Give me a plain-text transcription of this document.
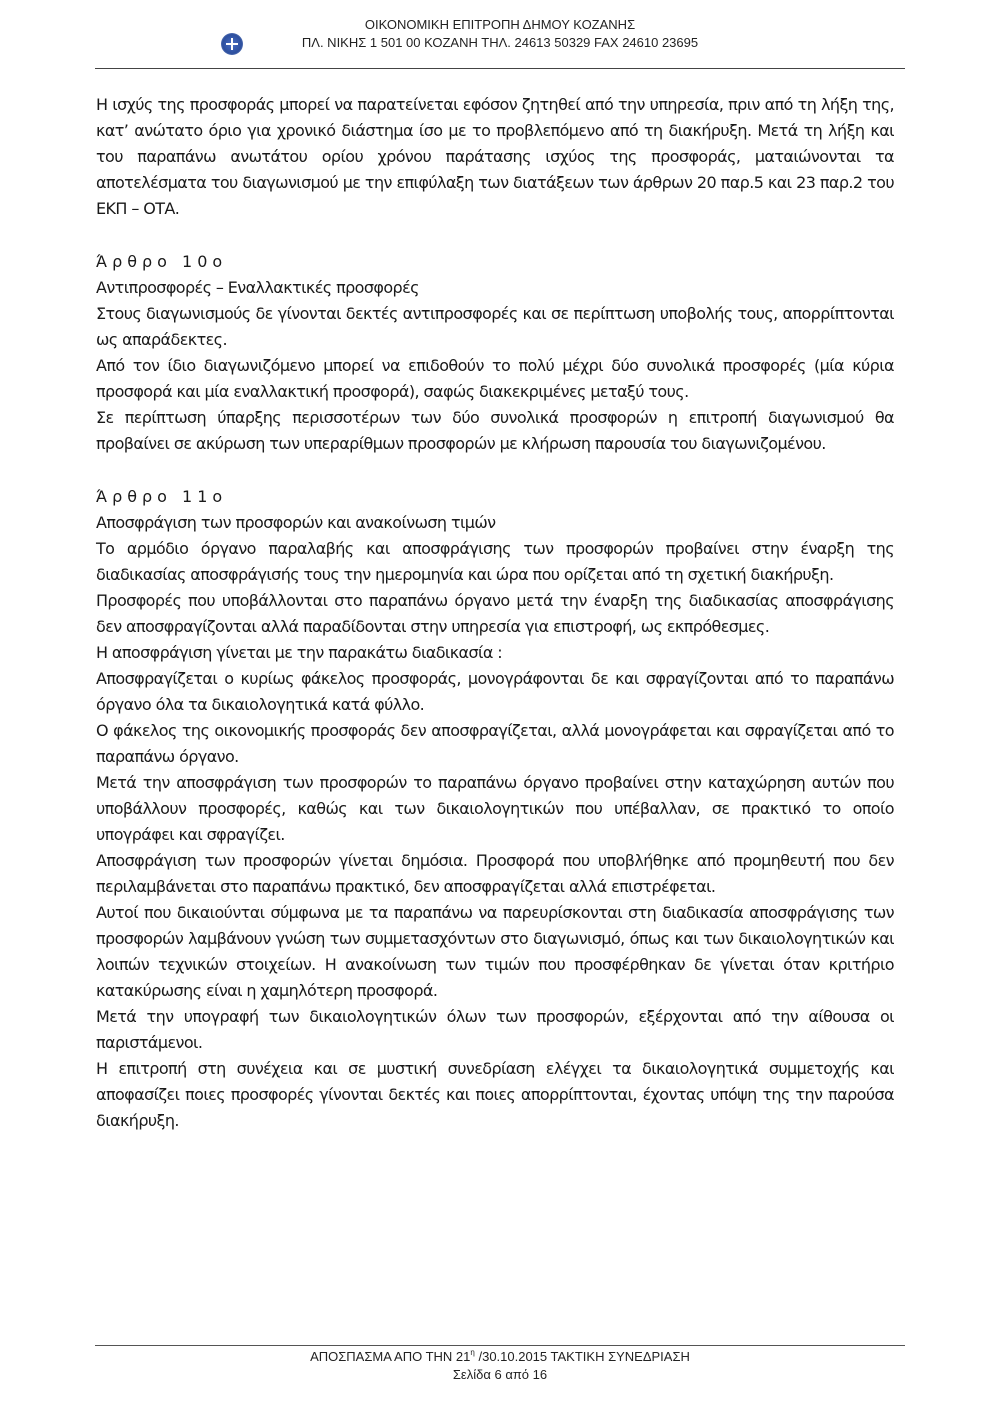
ΟΙΚΟΝΟΜΙΚΗ ΕΠΙΤΡΟΠΗ ΔΗΜΟΥ ΚΟΖΑΝΗΣ
ΠΛ. ΝΙΚΗΣ 1 501 00 ΚΟΖΑΝΗ ΤΗΛ. 24613 50329 FAX 24610 23695

Η ισχύς της προσφοράς μπορεί να παρατείνεται εφόσον ζητηθεί από την υπηρεσία, πριν από τη λήξη της, κατ’ ανώτατο όριο για χρονικό διάστημα ίσο με το προβλεπόμενο από τη διακήρυξη. Μετά τη λήξη και του παραπάνω ανωτάτου ορίου χρόνου παράτασης ισχύος της προσφοράς, ματαιώνονται τα αποτελέσματα του διαγωνισμού με την επιφύλαξη των διατάξεων των άρθρων 20 παρ.5 και 23 παρ.2 του ΕΚΠ – ΟΤΑ.

Άρθρο 10ο

Αντιπροσφορές – Εναλλακτικές προσφορές

Στους διαγωνισμούς δε γίνονται δεκτές αντιπροσφορές και σε περίπτωση υποβολής τους, απορρίπτονται ως απαράδεκτες.

Από τον ίδιο διαγωνιζόμενο μπορεί να επιδοθούν το πολύ μέχρι δύο συνολικά προσφορές (μία κύρια προσφορά και μία εναλλακτική προσφορά), σαφώς διακεκριμένες μεταξύ τους.

Σε περίπτωση ύπαρξης περισσοτέρων των δύο συνολικά προσφορών η επιτροπή διαγωνισμού θα προβαίνει σε ακύρωση των υπεραρίθμων προσφορών με κλήρωση παρουσία του διαγωνιζομένου.

Άρθρο 11ο

Αποσφράγιση των προσφορών και ανακοίνωση τιμών

Το αρμόδιο όργανο παραλαβής και αποσφράγισης των προσφορών προβαίνει στην έναρξη της διαδικασίας αποσφράγισής τους την ημερομηνία και ώρα που ορίζεται από τη σχετική διακήρυξη.

Προσφορές που υποβάλλονται στο παραπάνω όργανο μετά την έναρξη της διαδικασίας αποσφράγισης δεν αποσφραγίζονται αλλά παραδίδονται στην υπηρεσία για επιστροφή, ως εκπρόθεσμες.

Η αποσφράγιση γίνεται με την παρακάτω διαδικασία :

Αποσφραγίζεται ο κυρίως φάκελος προσφοράς, μονογράφονται δε και σφραγίζονται από το παραπάνω όργανο όλα τα δικαιολογητικά κατά φύλλο.

Ο φάκελος της οικονομικής προσφοράς δεν αποσφραγίζεται, αλλά μονογράφεται και σφραγίζεται από το παραπάνω όργανο.

Μετά την αποσφράγιση των προσφορών το παραπάνω όργανο προβαίνει στην καταχώρηση αυτών που υποβάλλουν προσφορές, καθώς και των δικαιολογητικών που υπέβαλλαν, σε πρακτικό το οποίο υπογράφει και σφραγίζει.

Αποσφράγιση των προσφορών γίνεται δημόσια. Προσφορά που υποβλήθηκε από προμηθευτή που δεν περιλαμβάνεται στο παραπάνω πρακτικό, δεν αποσφραγίζεται αλλά επιστρέφεται.

Αυτοί που δικαιούνται σύμφωνα με τα παραπάνω να παρευρίσκονται στη διαδικασία αποσφράγισης των προσφορών λαμβάνουν γνώση των συμμετασχόντων στο διαγωνισμό, όπως και των δικαιολογητικών και λοιπών τεχνικών στοιχείων. Η ανακοίνωση των τιμών που προσφέρθηκαν δε γίνεται όταν κριτήριο κατακύρωσης είναι η χαμηλότερη προσφορά.

Μετά την υπογραφή των δικαιολογητικών όλων των προσφορών, εξέρχονται από την αίθουσα οι παριστάμενοι.

Η επιτροπή στη συνέχεια και σε μυστική συνεδρίαση ελέγχει τα δικαιολογητικά συμμετοχής και αποφασίζει ποιες προσφορές γίνονται δεκτές και ποιες απορρίπτονται, έχοντας υπόψη της την παρούσα διακήρυξη.

ΑΠΟΣΠΑΣΜΑ ΑΠΟ ΤΗΝ $21^\eta$ /30.10.2015 ΤΑΚΤΙΚΗ ΣΥΝΕΔΡΙΑΣΗ
Σελίδα 6 από 16
